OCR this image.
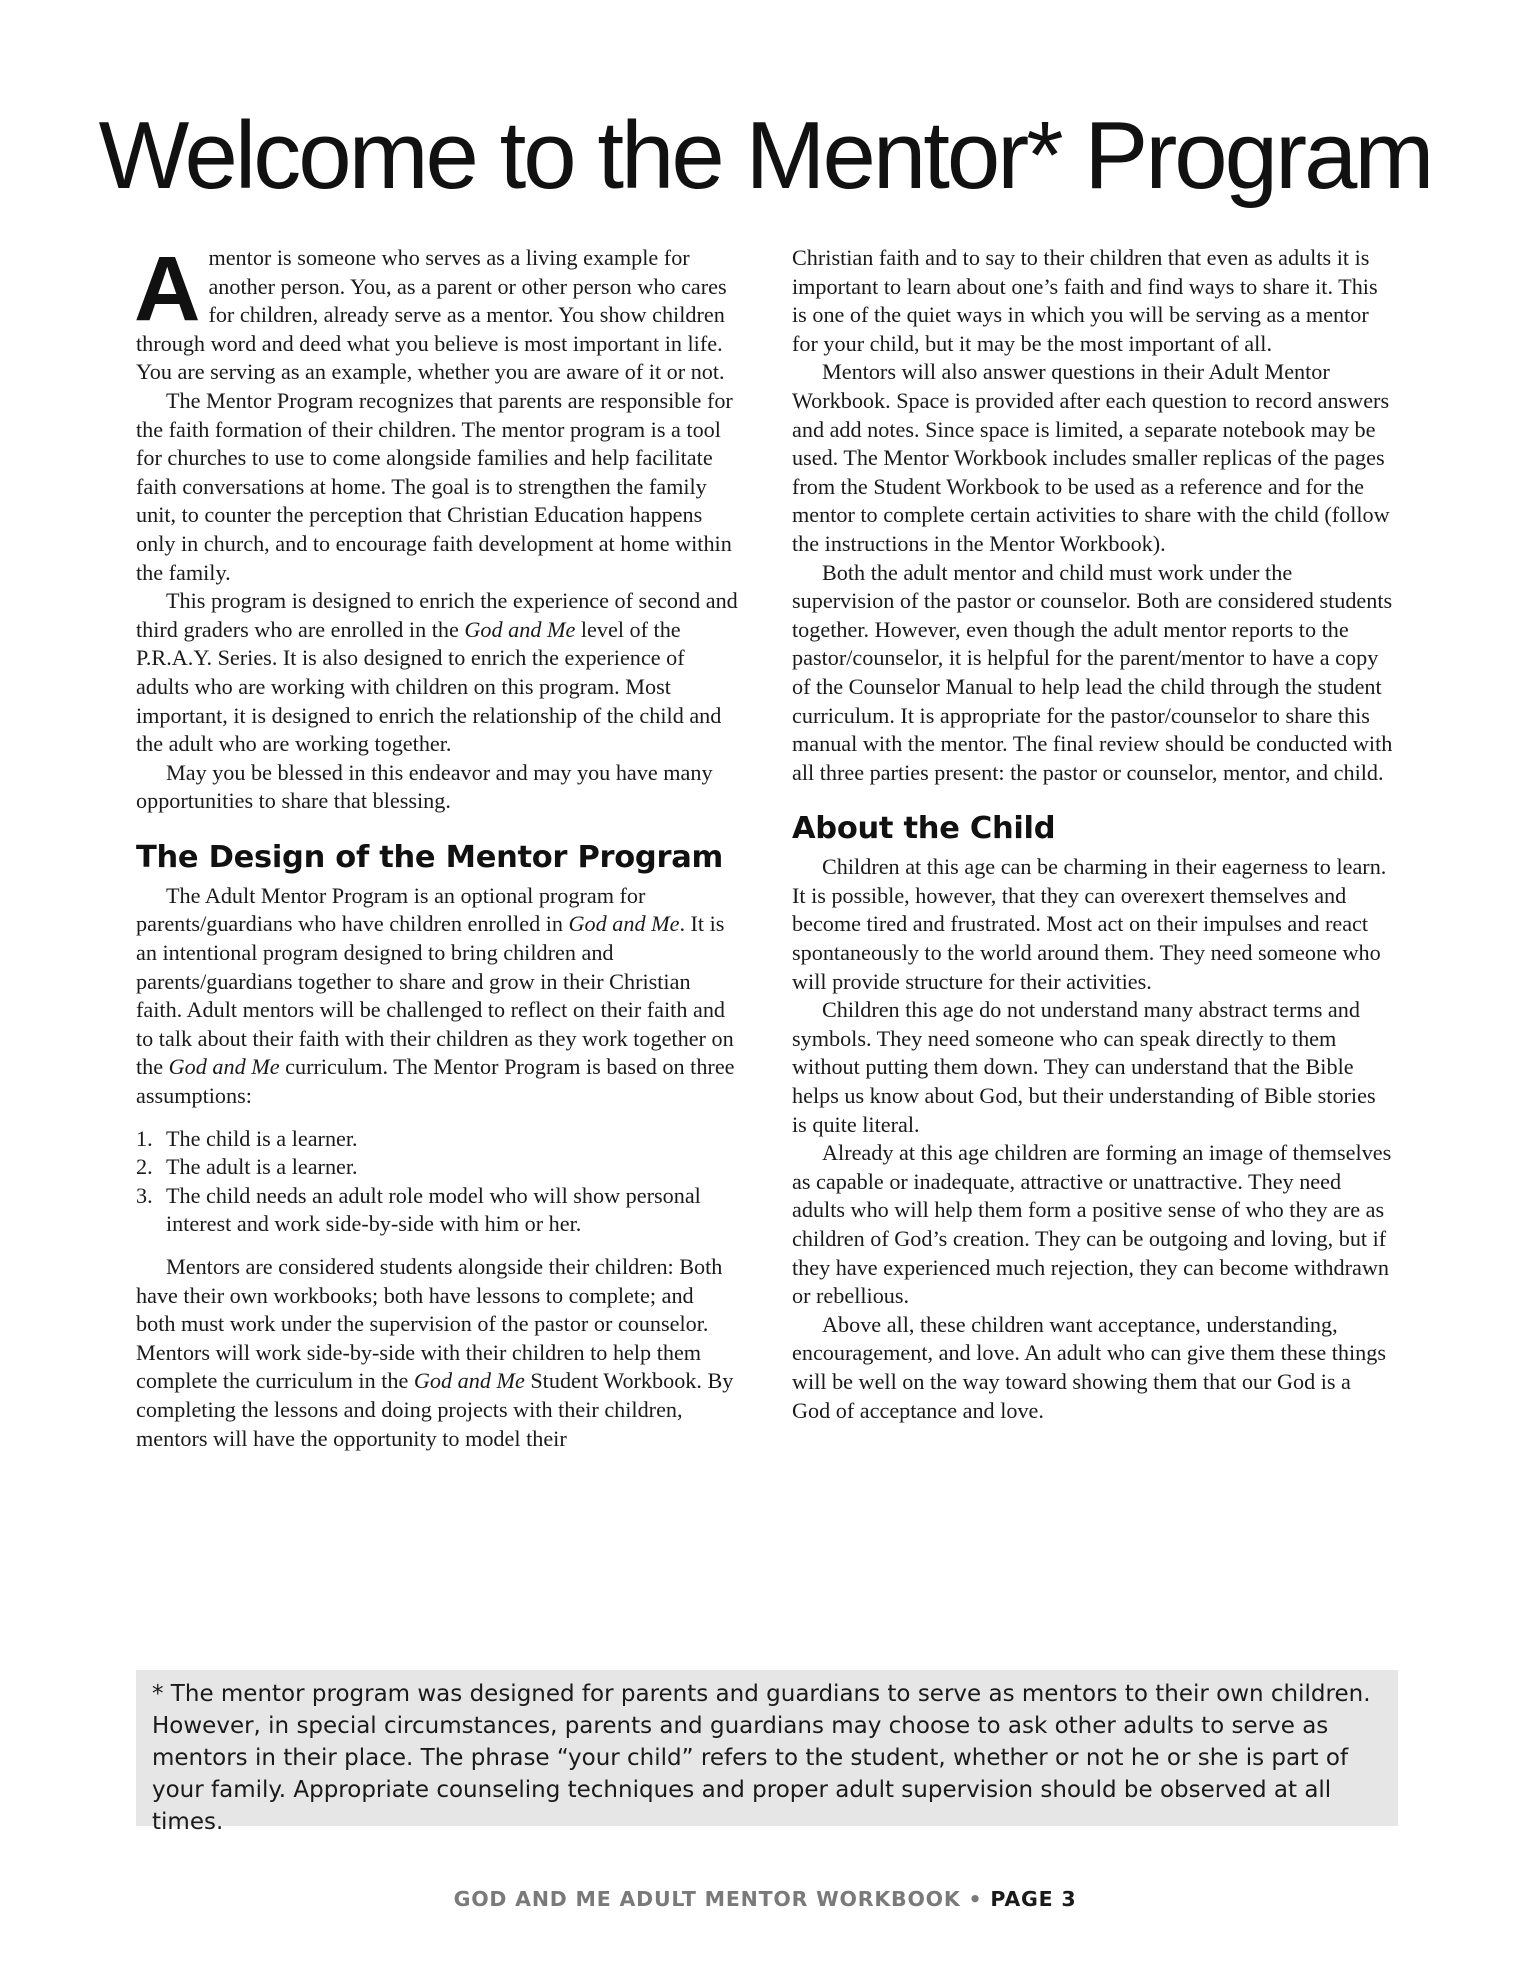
Welcome to the Mentor* Program

Amentor is someone who serves as a living example for another person. You, as a parent or other person who cares for children, already serve as a mentor. You show children through word and deed what you believe is most important in life. You are serving as an example, whether you are aware of it or not.

The Mentor Program recognizes that parents are responsible for the faith formation of their children. The mentor program is a tool for churches to use to come alongside families and help facilitate faith conversations at home. The goal is to strengthen the family unit, to counter the perception that Christian Education happens only in church, and to encourage faith development at home within the family.

This program is designed to enrich the experience of second and third graders who are enrolled in the God and Me level of the P.R.A.Y. Series. It is also designed to enrich the experience of adults who are working with children on this program. Most important, it is designed to enrich the relationship of the child and the adult who are working together.

May you be blessed in this endeavor and may you have many opportunities to share that blessing.

The Design of the Mentor Program

The Adult Mentor Program is an optional program for parents/guardians who have children enrolled in God and Me. It is an intentional program designed to bring children and parents/guardians together to share and grow in their Christian faith. Adult mentors will be challenged to reflect on their faith and to talk about their faith with their children as they work together on the God and Me curriculum. The Mentor Program is based on three assumptions:

1. The child is a learner.
2. The adult is a learner.
3. The child needs an adult role model who will show personal interest and work side-by-side with him or her.

Mentors are considered students alongside their children: Both have their own workbooks; both have lessons to complete; and both must work under the supervision of the pastor or counselor. Mentors will work side-by-side with their children to help them complete the curriculum in the God and Me Student Workbook. By completing the lessons and doing projects with their children, mentors will have the opportunity to model their

Christian faith and to say to their children that even as adults it is important to learn about one’s faith and find ways to share it. This is one of the quiet ways in which you will be serving as a mentor for your child, but it may be the most important of all.

Mentors will also answer questions in their Adult Mentor Workbook. Space is provided after each question to record answers and add notes. Since space is limited, a separate notebook may be used. The Mentor Workbook includes smaller replicas of the pages from the Student Workbook to be used as a reference and for the mentor to complete certain activities to share with the child (follow the instructions in the Mentor Workbook).

Both the adult mentor and child must work under the supervision of the pastor or counselor. Both are considered students together. However, even though the adult mentor reports to the pastor/counselor, it is helpful for the parent/mentor to have a copy of the Counselor Manual to help lead the child through the student curriculum. It is appropriate for the pastor/counselor to share this manual with the mentor. The final review should be conducted with all three parties present: the pastor or counselor, mentor, and child.

About the Child

Children at this age can be charming in their eagerness to learn. It is possible, however, that they can overexert themselves and become tired and frustrated. Most act on their impulses and react spontaneously to the world around them. They need someone who will provide structure for their activities.

Children this age do not understand many abstract terms and symbols. They need someone who can speak directly to them without putting them down. They can understand that the Bible helps us know about God, but their understanding of Bible stories is quite literal.

Already at this age children are forming an image of themselves as capable or inadequate, attractive or unattractive. They need adults who will help them form a positive sense of who they are as children of God’s creation. They can be outgoing and loving, but if they have experienced much rejection, they can become withdrawn or rebellious.

Above all, these children want acceptance, understanding, encouragement, and love. An adult who can give them these things will be well on the way toward showing them that our God is a God of acceptance and love.

* The mentor program was designed for parents and guardians to serve as mentors to their own children. However, in special circumstances, parents and guardians may choose to ask other adults to serve as mentors in their place. The phrase “your child” refers to the student, whether or not he or she is part of your family. Appropriate counseling techniques and proper adult supervision should be observed at all times.
GOD AND ME ADULT MENTOR WORKBOOK • PAGE 3
